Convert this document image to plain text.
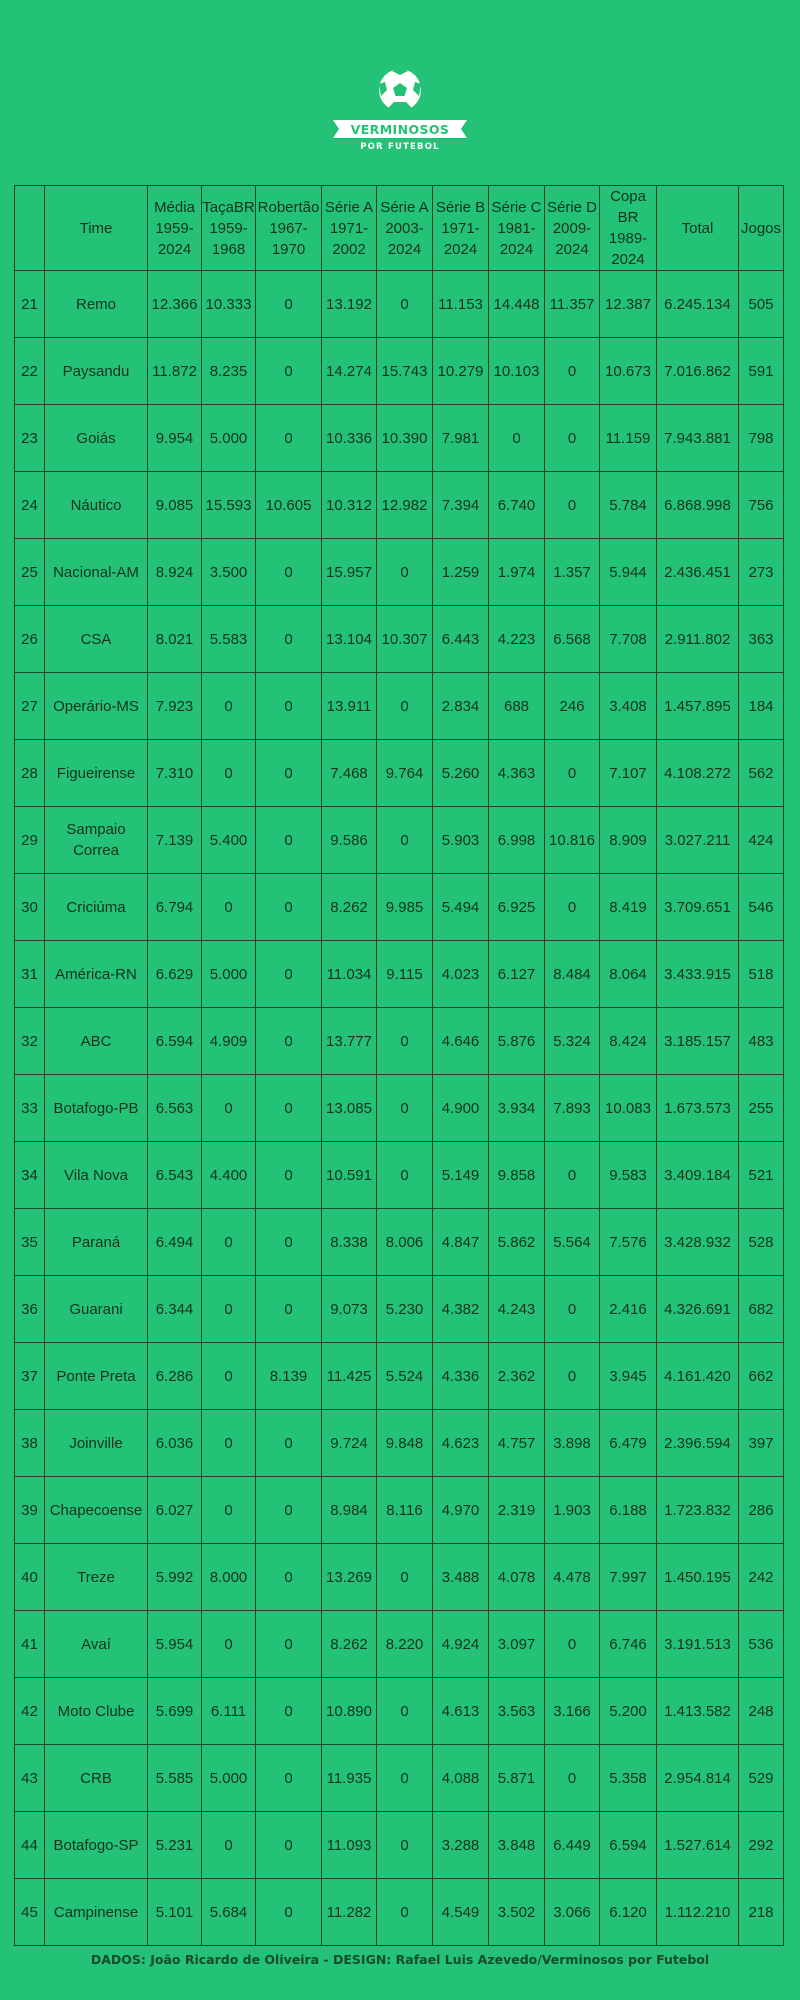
VERMINOSOS
POR FUTEBOL
	Time	Média 1959- 2024	TaçaBR 1959- 1968	Robertão 1967- 1970	Série A 1971- 2002	Série A 2003- 2024	Série B 1971- 2024	Série C 1981- 2024	Série D 2009- 2024	Copa BR 1989- 2024	Total	Jogos
21	Remo	12.366	10.333	0	13.192	0	11.153	14.448	11.357	12.387	6.245.134	505
22	Paysandu	11.872	8.235	0	14.274	15.743	10.279	10.103	0	10.673	7.016.862	591
23	Goiás	9.954	5.000	0	10.336	10.390	7.981	0	0	11.159	7.943.881	798
24	Náutico	9.085	15.593	10.605	10.312	12.982	7.394	6.740	0	5.784	6.868.998	756
25	Nacional-AM	8.924	3.500	0	15.957	0	1.259	1.974	1.357	5.944	2.436.451	273
26	CSA	8.021	5.583	0	13.104	10.307	6.443	4.223	6.568	7.708	2.911.802	363
27	Operário-MS	7.923	0	0	13.911	0	2.834	688	246	3.408	1.457.895	184
28	Figueirense	7.310	0	0	7.468	9.764	5.260	4.363	0	7.107	4.108.272	562
29	Sampaio Correa	7.139	5.400	0	9.586	0	5.903	6.998	10.816	8.909	3.027.211	424
30	Criciúma	6.794	0	0	8.262	9.985	5.494	6.925	0	8.419	3.709.651	546
31	América-RN	6.629	5.000	0	11.034	9.115	4.023	6.127	8.484	8.064	3.433.915	518
32	ABC	6.594	4.909	0	13.777	0	4.646	5.876	5.324	8.424	3.185.157	483
33	Botafogo-PB	6.563	0	0	13.085	0	4.900	3.934	7.893	10.083	1.673.573	255
34	Vila Nova	6.543	4.400	0	10.591	0	5.149	9.858	0	9.583	3.409.184	521
35	Paraná	6.494	0	0	8.338	8.006	4.847	5.862	5.564	7.576	3.428.932	528
36	Guarani	6.344	0	0	9.073	5.230	4.382	4.243	0	2.416	4.326.691	682
37	Ponte Preta	6.286	0	8.139	11.425	5.524	4.336	2.362	0	3.945	4.161.420	662
38	Joinville	6.036	0	0	9.724	9.848	4.623	4.757	3.898	6.479	2.396.594	397
39	Chapecoense	6.027	0	0	8.984	8.116	4.970	2.319	1.903	6.188	1.723.832	286
40	Treze	5.992	8.000	0	13.269	0	3.488	4.078	4.478	7.997	1.450.195	242
41	Avaí	5.954	0	0	8.262	8.220	4.924	3.097	0	6.746	3.191.513	536
42	Moto Clube	5.699	6.111	0	10.890	0	4.613	3.563	3.166	5.200	1.413.582	248
43	CRB	5.585	5.000	0	11.935	0	4.088	5.871	0	5.358	2.954.814	529
44	Botafogo-SP	5.231	0	0	11.093	0	3.288	3.848	6.449	6.594	1.527.614	292
45	Campinense	5.101	5.684	0	11.282	0	4.549	3.502	3.066	6.120	1.112.210	218
DADOS: João Ricardo de Oliveira - DESIGN: Rafael Luis Azevedo/Verminosos por Futebol
